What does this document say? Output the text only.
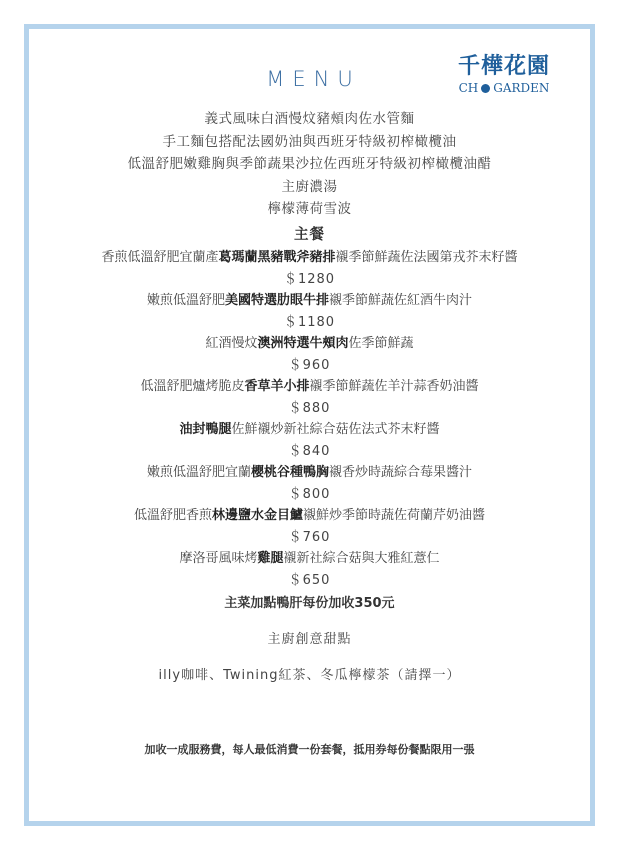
MENU	千樺花園
CH GARDEN
義式風味白酒慢炆豬頰肉佐水管麵
手工麵包搭配法國奶油與西班牙特級初榨橄欖油
低溫舒肥嫩雞胸與季節蔬果沙拉佐西班牙特級初榨橄欖油醋
主廚濃湯
檸檬薄荷雪波
主餐
香煎低溫舒肥宜蘭產葛瑪蘭黑豬戰斧豬排襯季節鮮蔬佐法國第戎芥末籽醬
＄1280
嫩煎低溫舒肥美國特選肋眼牛排襯季節鮮蔬佐紅酒牛肉汁
＄1180
紅酒慢炆澳洲特選牛頰肉佐季節鮮蔬
＄960
低溫舒肥爐烤脆皮香草羊小排襯季節鮮蔬佐羊汁蒜香奶油醬
＄880
油封鴨腿佐鮮襯炒新社綜合菇佐法式芥末籽醬
＄840
嫩煎低溫舒肥宜蘭櫻桃谷種鴨胸襯香炒時蔬綜合莓果醬汁
＄800
低溫舒肥香煎林邊鹽水金目鱸襯鮮炒季節時蔬佐荷蘭芹奶油醬
＄760
摩洛哥風味烤雞腿襯新社綜合菇與大雅紅薏仁
＄650
主菜加點鴨肝每份加收350元
主廚創意甜點
illy咖啡、Twining紅茶、冬瓜檸檬茶（請擇一）
加收一成服務費，每人最低消費一份套餐，抵用券每份餐點限用一張
